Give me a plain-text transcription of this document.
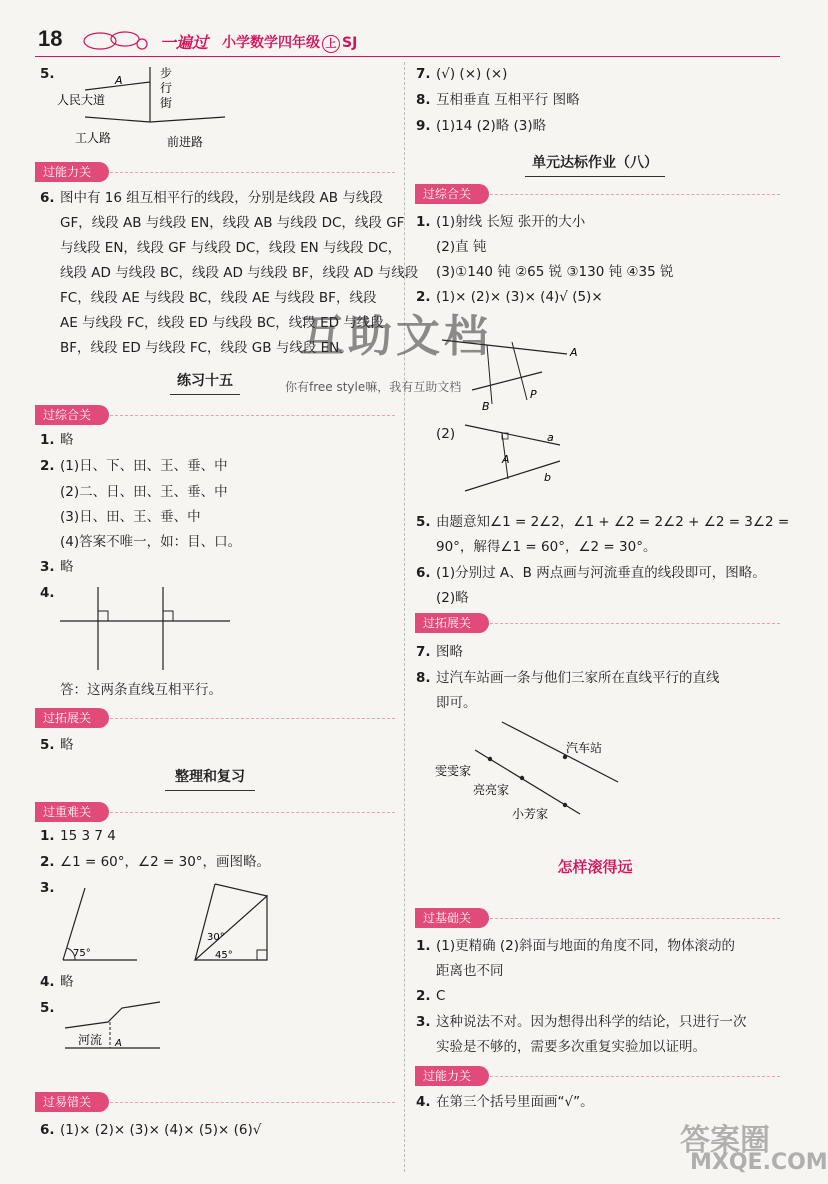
18	一遍过 小学数学四年级 上 SJ
5.	A
人民大道
工人路	前进路
步
行
街
过能力关
6. 图中有 16 组互相平行的线段，分别是线段 AB 与线段
GF，线段 AB 与线段 EN，线段 AB 与线段 DC，线段 GF
与线段 EN，线段 GF 与线段 DC，线段 EN 与线段 DC，
线段 AD 与线段 BC，线段 AD 与线段 BF，线段 AD 与线段
FC，线段 AE 与线段 BC，线段 AE 与线段 BF，线段
AE 与线段 FC，线段 ED 与线段 BC，线段 ED 与线段
BF，线段 ED 与线段 FC，线段 GB 与线段 EN。
练习十五
过综合关
1. 略
2. (1)日、下、田、王、垂、中
(2)二、日、田、王、垂、中
(3)日、田、王、垂、中
(4)答案不唯一，如：目、口。
3. 略
4.
答：这两条直线互相平行。
过拓展关
5. 略
整理和复习
过重难关
1. 15 3 7 4
2. ∠1 = 60°，∠2 = 30°，画图略。
3.
75°
30°
45°
4. 略
5.
河流 A
过易错关
6. (1)× (2)× (3)× (4)× (5)× (6)√
7. (√) (×) (×)
8. 互相垂直 互相平行 图略
9. (1)14 (2)略 (3)略
单元达标作业（八）
过综合关
1. (1)射线 长短 张开的大小
(2)直 钝
(3)①140 钝 ②65 锐 ③130 钝 ④35 锐
2. (1)× (2)× (3)× (4)√ (5)×
A
B
P
(2)	a
b
A
5. 由题意知∠1 = 2∠2，∠1 + ∠2 = 2∠2 + ∠2 = 3∠2 =
90°，解得∠1 = 60°，∠2 = 30°。
6. (1)分别过 A、B 两点画与河流垂直的线段即可，图略。
(2)略
过拓展关
7. 图略
8. 过汽车站画一条与他们三家所在直线平行的直线
即可。
汽车站
雯雯家
亮亮家
小芳家
怎样滚得远
过基础关
1. (1)更精确 (2)斜面与地面的角度不同，物体滚动的
距离也不同
2. C
3. 这种说法不对。因为想得出科学的结论，只进行一次
实验是不够的，需要多次重复实验加以证明。
过能力关
4. 在第三个括号里面画“√”。
互助文档
你有free style嘛，我有互助文档
答案圈
MXQE.COM
